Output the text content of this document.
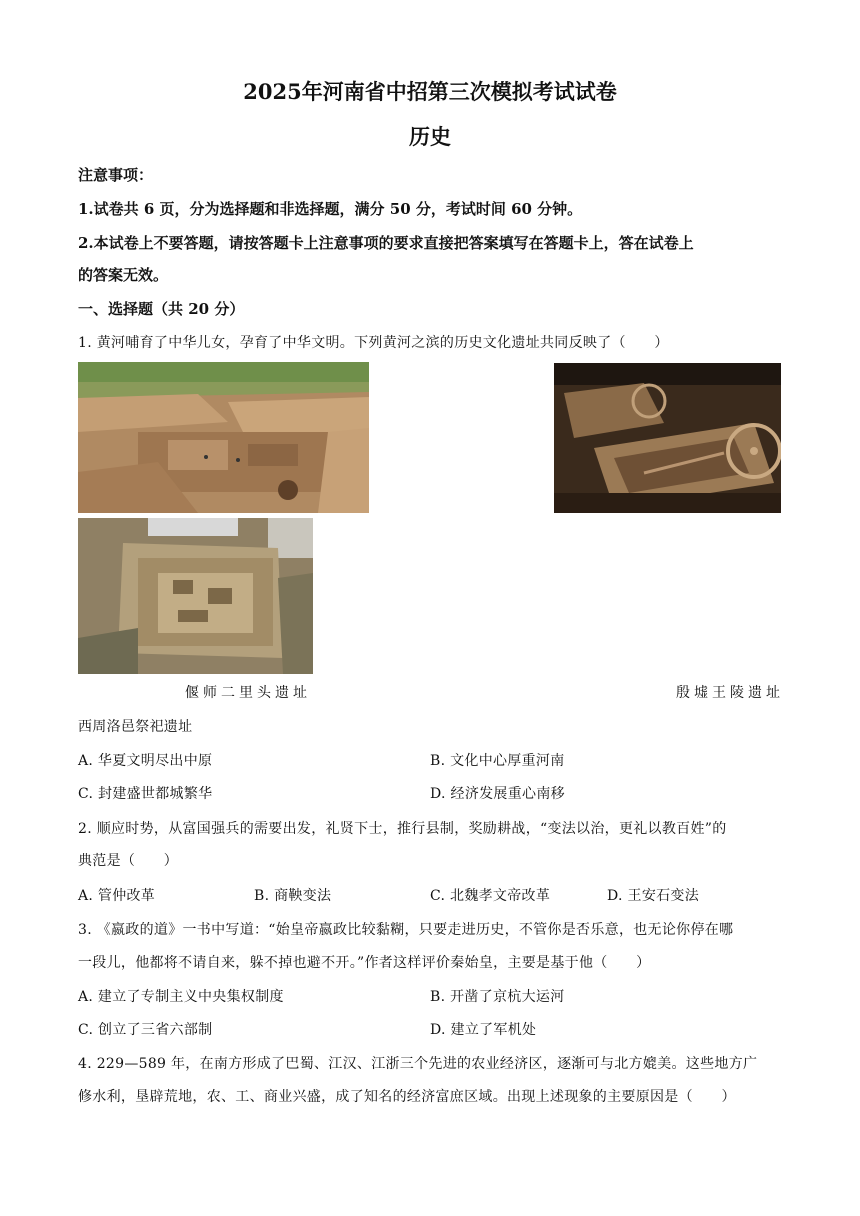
2025年河南省中招第三次模拟考试试卷
历史
注意事项：
1.试卷共 6 页，分为选择题和非选择题，满分 50 分，考试时间 60 分钟。
2.本试卷上不要答题，请按答题卡上注意事项的要求直接把答案填写在答题卡上，答在试卷上
的答案无效。
一、选择题（共 20 分）
1. 黄河哺育了中华儿女，孕育了中华文明。下列黄河之滨的历史文化遗址共同反映了（　　）
偃师二里头遗址	殷墟王陵遗址
西周洛邑祭祀遗址
A. 华夏文明尽出中原	B. 文化中心厚重河南
C. 封建盛世都城繁华	D. 经济发展重心南移
2. 顺应时势，从富国强兵的需要出发，礼贤下士，推行县制，奖励耕战，“变法以治，更礼以教百姓”的
典范是（　　）
A. 管仲改革	B. 商鞅变法	C. 北魏孝文帝改革	D. 王安石变法
3. 《嬴政的道》一书中写道：“始皇帝嬴政比较黏糊，只要走进历史，不管你是否乐意，也无论你停在哪
一段儿，他都将不请自来，躲不掉也避不开。”作者这样评价秦始皇，主要是基于他（　　）
A. 建立了专制主义中央集权制度	B. 开凿了京杭大运河
C. 创立了三省六部制	D. 建立了军机处
4. 229—589 年，在南方形成了巴蜀、江汉、江浙三个先进的农业经济区，逐渐可与北方媲美。这些地方广
修水利，垦辟荒地，农、工、商业兴盛，成了知名的经济富庶区域。出现上述现象的主要原因是（　　）
